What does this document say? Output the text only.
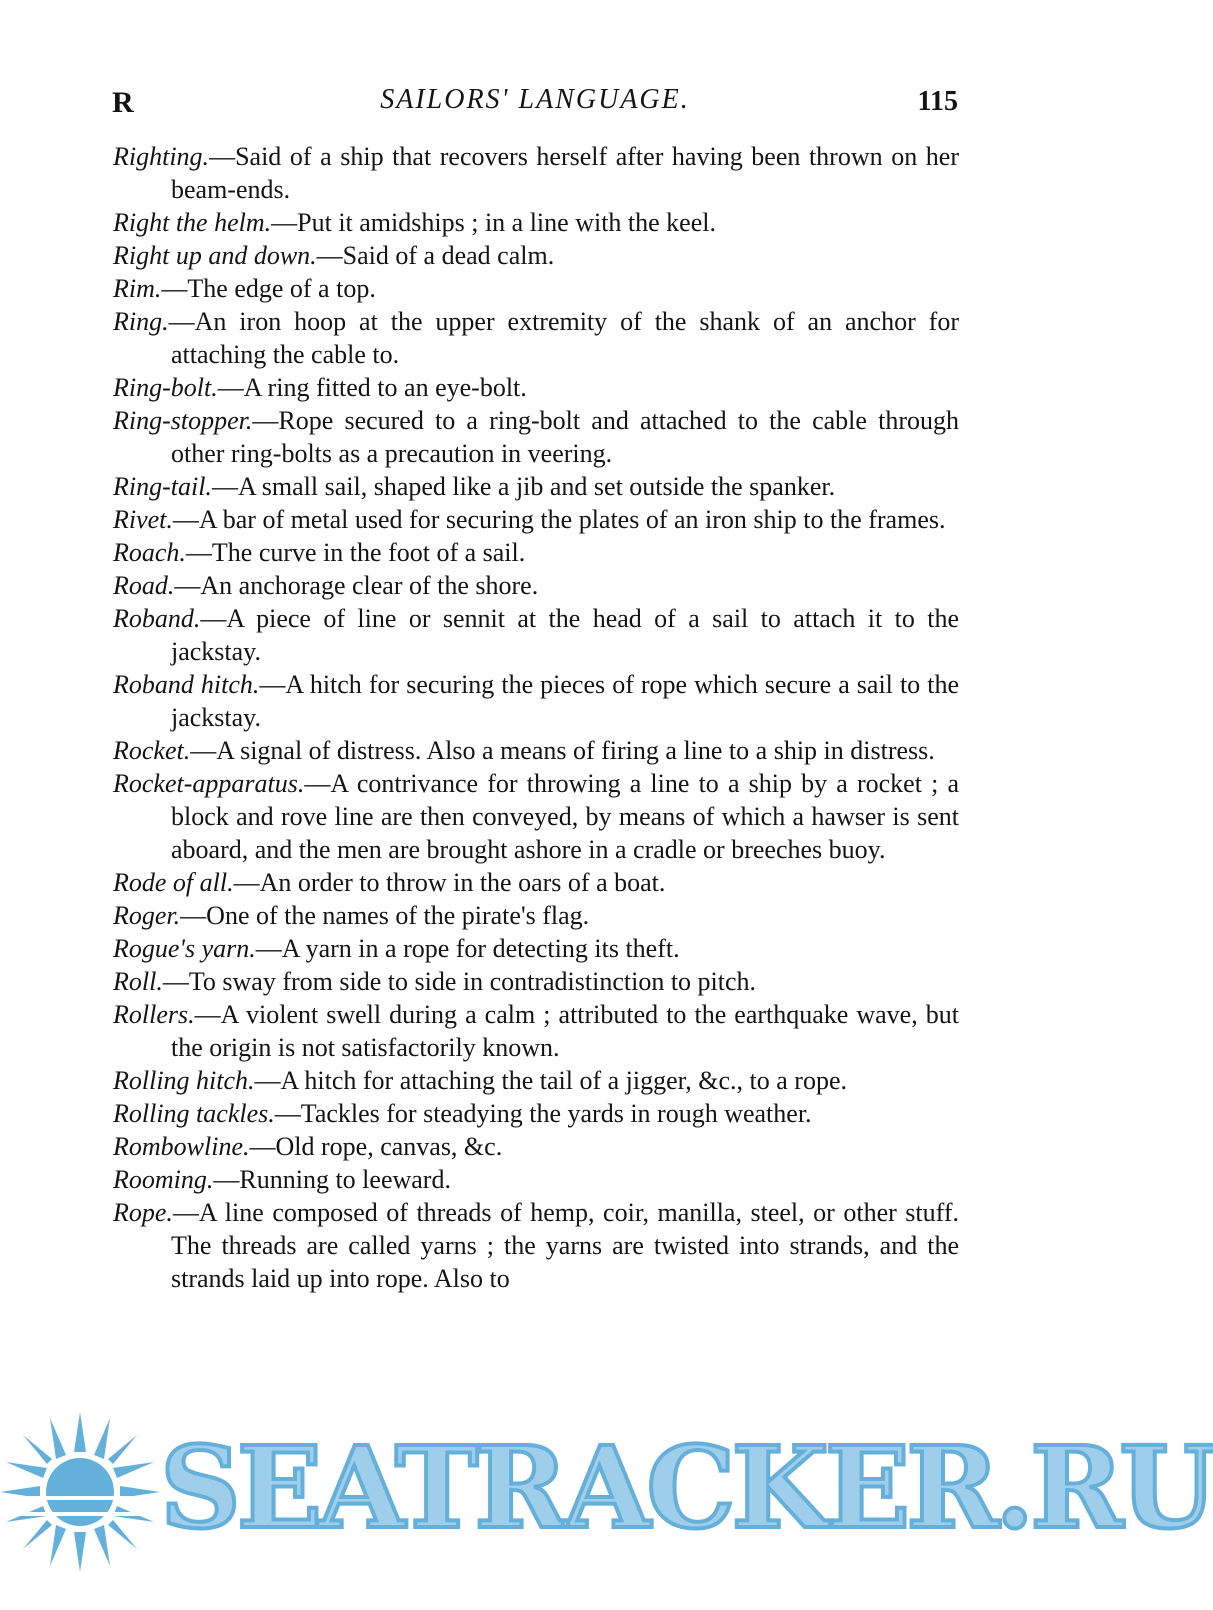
R	SAILORS' LANGUAGE.	115
Righting.—Said of a ship that recovers herself after having been thrown on her beam-ends.
Right the helm.—Put it amidships ; in a line with the keel.
Right up and down.—Said of a dead calm.
Rim.—The edge of a top.
Ring.—An iron hoop at the upper extremity of the shank of an anchor for attaching the cable to.
Ring-bolt.—A ring fitted to an eye-bolt.
Ring-stopper.—Rope secured to a ring-bolt and attached to the cable through other ring-bolts as a precaution in veering.
Ring-tail.—A small sail, shaped like a jib and set outside the spanker.
Rivet.—A bar of metal used for securing the plates of an iron ship to the frames.
Roach.—The curve in the foot of a sail.
Road.—An anchorage clear of the shore.
Roband.—A piece of line or sennit at the head of a sail to attach it to the jackstay.
Roband hitch.—A hitch for securing the pieces of rope which secure a sail to the jackstay.
Rocket.—A signal of distress. Also a means of firing a line to a ship in distress.
Rocket-apparatus.—A contrivance for throwing a line to a ship by a rocket ; a block and rove line are then conveyed, by means of which a hawser is sent aboard, and the men are brought ashore in a cradle or breeches buoy.
Rode of all.—An order to throw in the oars of a boat.
Roger.—One of the names of the pirate's flag.
Rogue's yarn.—A yarn in a rope for detecting its theft.
Roll.—To sway from side to side in contradistinction to pitch.
Rollers.—A violent swell during a calm ; attributed to the earthquake wave, but the origin is not satisfactorily known.
Rolling hitch.—A hitch for attaching the tail of a jigger, &c., to a rope.
Rolling tackles.—Tackles for steadying the yards in rough weather.
Rombowline.—Old rope, canvas, &c.
Rooming.—Running to leeward.
Rope.—A line composed of threads of hemp, coir, manilla, steel, or other stuff. The threads are called yarns ; the yarns are twisted into strands, and the strands laid up into rope. Also to
SEATRACKER.RU
